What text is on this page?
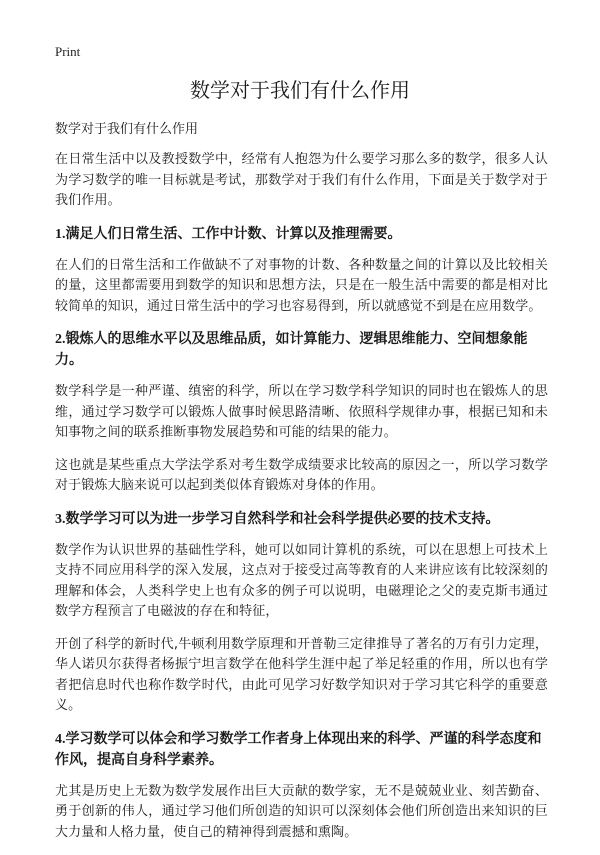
Print
数学对于我们有什么作用

数学对于我们有什么作用

在日常生活中以及教授数学中，经常有人抱怨为什么要学习那么多的数学，很多人认为学习数学的唯一目标就是考试，那数学对于我们有什么作用，下面是关于数学对于我们作用。

1.满足人们日常生活、工作中计数、计算以及推理需要。

在人们的日常生活和工作做缺不了对事物的计数、各种数量之间的计算以及比较相关的量，这里都需要用到数学的知识和思想方法，只是在一般生活中需要的都是相对比较简单的知识，通过日常生活中的学习也容易得到，所以就感觉不到是在应用数学。

2.锻炼人的思维水平以及思维品质，如计算能力、逻辑思维能力、空间想象能力。

数学科学是一种严谨、缜密的科学，所以在学习数学科学知识的同时也在锻炼人的思维，通过学习数学可以锻炼人做事时候思路清晰、依照科学规律办事，根据已知和未知事物之间的联系推断事物发展趋势和可能的结果的能力。

这也就是某些重点大学法学系对考生数学成绩要求比较高的原因之一，所以学习数学对于锻炼大脑来说可以起到类似体育锻炼对身体的作用。

3.数学学习可以为进一步学习自然科学和社会科学提供必要的技术支持。

数学作为认识世界的基础性学科，她可以如同计算机的系统，可以在思想上可技术上支持不同应用科学的深入发展，这点对于接受过高等教育的人来讲应该有比较深刻的理解和体会，人类科学史上也有众多的例子可以说明，电磁理论之父的麦克斯韦通过数学方程预言了电磁波的存在和特征，

开创了科学的新时代,牛顿利用数学原理和开普勒三定律推导了著名的万有引力定理，华人诺贝尔获得者杨振宁坦言数学在他科学生涯中起了举足轻重的作用，所以也有学者把信息时代也称作数学时代，由此可见学习好数学知识对于学习其它科学的重要意义。

4.学习数学可以体会和学习数学工作者身上体现出来的科学、严谨的科学态度和作风，提高自身科学素养。

尤其是历史上无数为数学发展作出巨大贡献的数学家，无不是兢兢业业、刻苦勤奋、勇于创新的伟人，通过学习他们所创造的知识可以深刻体会他们所创造出来知识的巨大力量和人格力量，使自己的精神得到震撼和熏陶。
